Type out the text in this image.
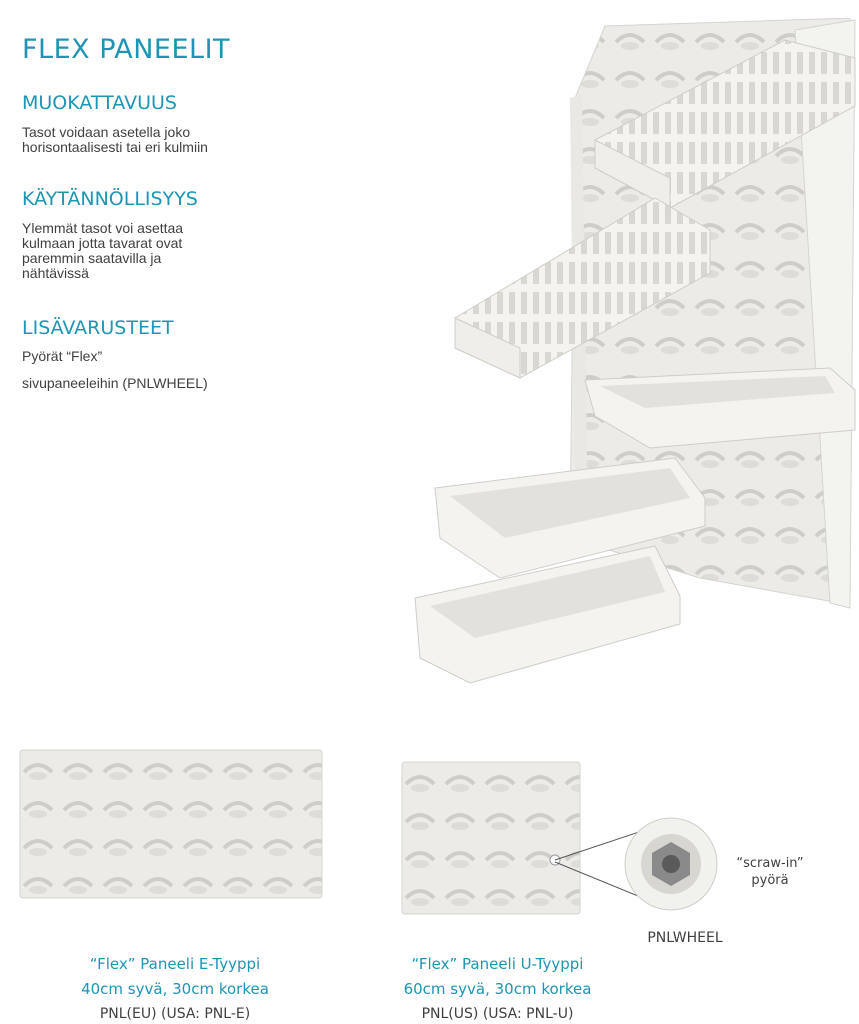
FLEX PANEELIT
MUOKATTAVUUS

Tasot voidaan asetella joko
horisontaalisesti tai eri kulmiin

KÄYTÄNNÖLLISYYS

Ylemmät tasot voi asettaa
kulmaan jotta tavarat ovat
paremmin saatavilla ja
nähtävissä

LISÄVARUSTEET

Pyörät “Flex”
sivupaneeleihin (PNLWHEEL)

“scraw-in”
pyörä
PNLWHEEL
“Flex” Paneeli E-Tyyppi
40cm syvä, 30cm korkea
PNL(EU) (USA: PNL-E)
“Flex” Paneeli U-Tyyppi
60cm syvä, 30cm korkea
PNL(US) (USA: PNL-U)
